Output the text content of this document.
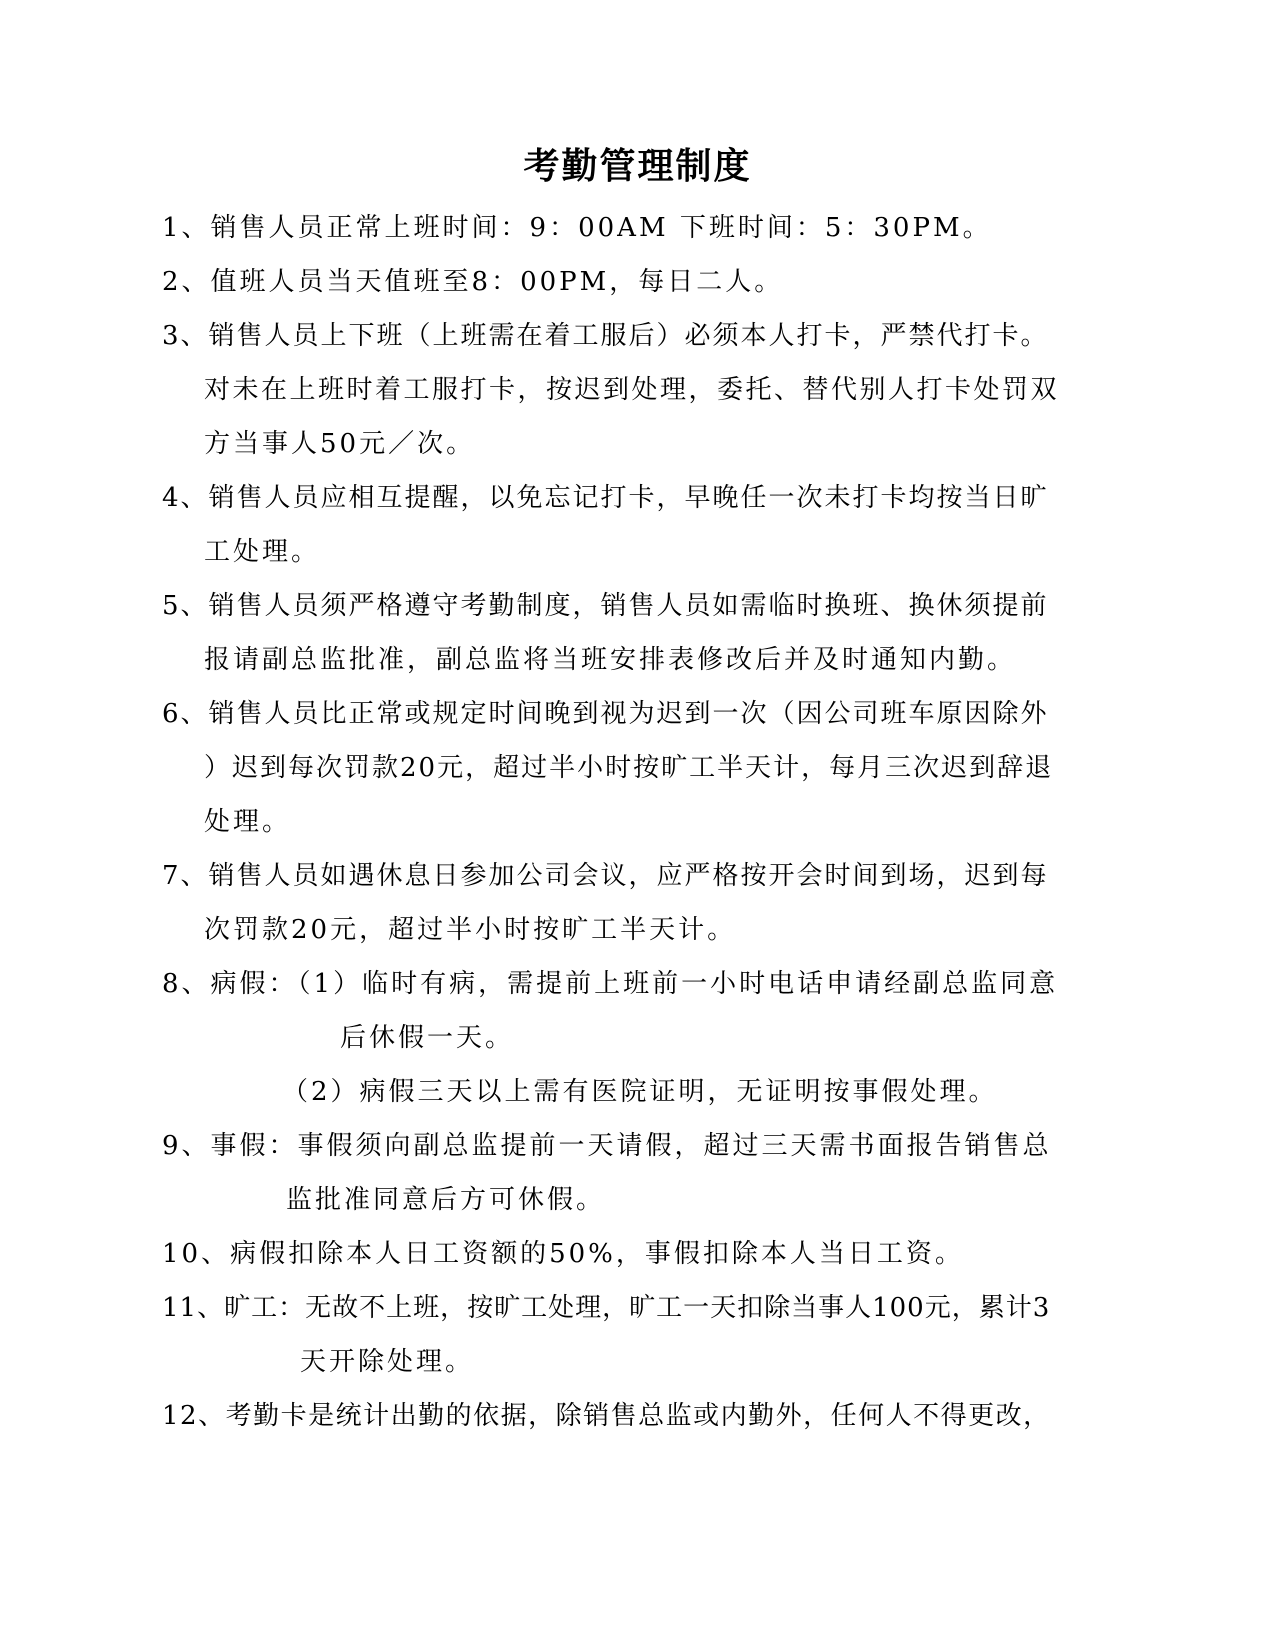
考勤管理制度
1、销售人员正常上班时间：9：00AM 下班时间：5：30PM。
2、值班人员当天值班至8：00PM，每日二人。
3、销售人员上下班（上班需在着工服后）必须本人打卡，严禁代打卡。
对未在上班时着工服打卡，按迟到处理，委托、替代别人打卡处罚双
方当事人50元／次。
4、销售人员应相互提醒，以免忘记打卡，早晚任一次未打卡均按当日旷
工处理。
5、销售人员须严格遵守考勤制度，销售人员如需临时换班、换休须提前
报请副总监批准，副总监将当班安排表修改后并及时通知内勤。
6、销售人员比正常或规定时间晚到视为迟到一次（因公司班车原因除外
）迟到每次罚款20元，超过半小时按旷工半天计，每月三次迟到辞退
处理。
7、销售人员如遇休息日参加公司会议，应严格按开会时间到场，迟到每
次罚款20元，超过半小时按旷工半天计。
8、病假：（1）临时有病，需提前上班前一小时电话申请经副总监同意
后休假一天。
（2）病假三天以上需有医院证明，无证明按事假处理。
9、事假：事假须向副总监提前一天请假，超过三天需书面报告销售总
监批准同意后方可休假。
10、病假扣除本人日工资额的50%，事假扣除本人当日工资。
11、旷工：无故不上班，按旷工处理，旷工一天扣除当事人100元，累计3
天开除处理。
12、考勤卡是统计出勤的依据，除销售总监或内勤外，任何人不得更改，
